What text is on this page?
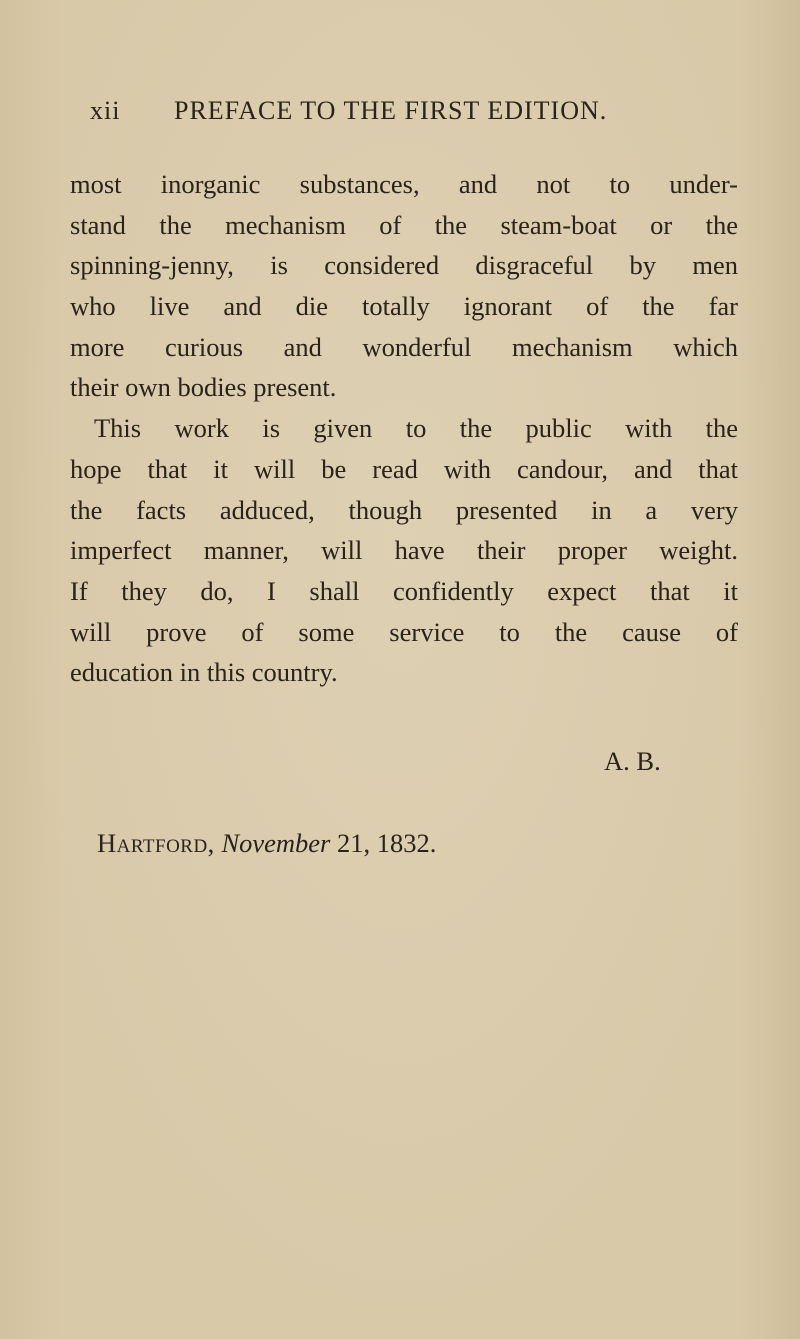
xii PREFACE TO THE FIRST EDITION.
most inorganic substances, and not to under-
stand the mechanism of the steam-boat or the
spinning-jenny, is considered disgraceful by men
who live and die totally ignorant of the far
more curious and wonderful mechanism which
their own bodies present.
This work is given to the public with the
hope that it will be read with candour, and that
the facts adduced, though presented in a very
imperfect manner, will have their proper weight.
If they do, I shall confidently expect that it
will prove of some service to the cause of
education in this country.
A. B.
Hartford, November 21, 1832.
